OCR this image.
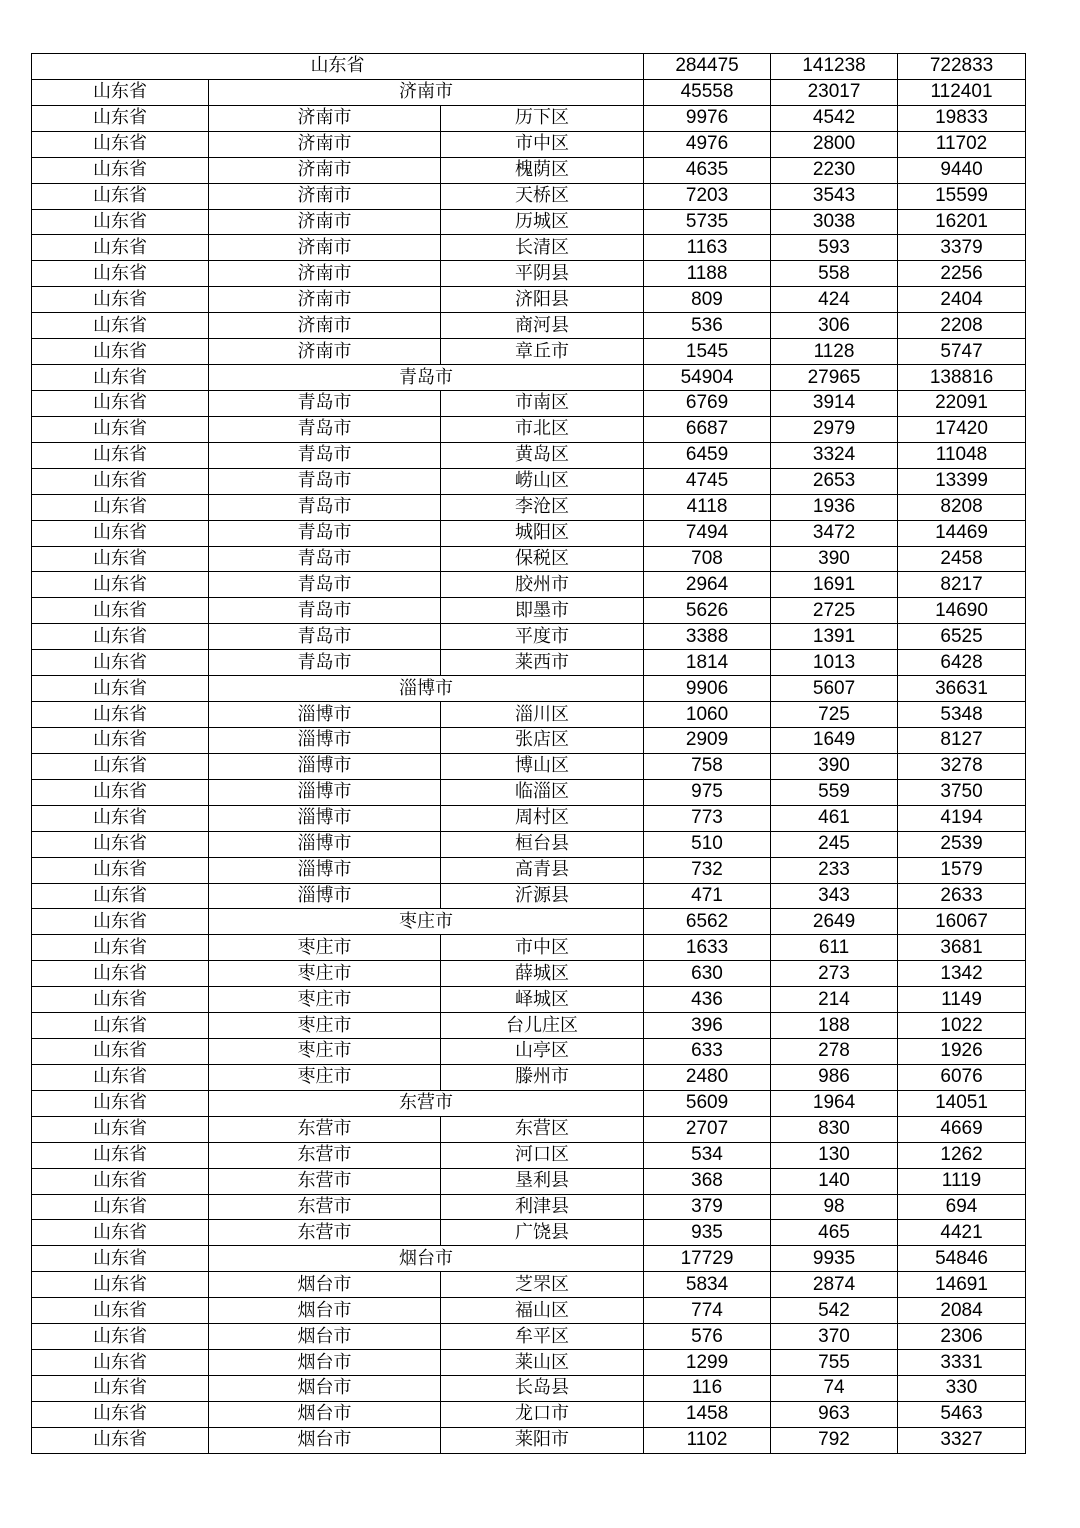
山东省			284475	141238	722833
山东省	济南市		45558	23017	112401
山东省	济南市	历下区	9976	4542	19833
山东省	济南市	市中区	4976	2800	11702
山东省	济南市	槐荫区	4635	2230	9440
山东省	济南市	天桥区	7203	3543	15599
山东省	济南市	历城区	5735	3038	16201
山东省	济南市	长清区	1163	593	3379
山东省	济南市	平阴县	1188	558	2256
山东省	济南市	济阳县	809	424	2404
山东省	济南市	商河县	536	306	2208
山东省	济南市	章丘市	1545	1128	5747
山东省	青岛市		54904	27965	138816
山东省	青岛市	市南区	6769	3914	22091
山东省	青岛市	市北区	6687	2979	17420
山东省	青岛市	黄岛区	6459	3324	11048
山东省	青岛市	崂山区	4745	2653	13399
山东省	青岛市	李沧区	4118	1936	8208
山东省	青岛市	城阳区	7494	3472	14469
山东省	青岛市	保税区	708	390	2458
山东省	青岛市	胶州市	2964	1691	8217
山东省	青岛市	即墨市	5626	2725	14690
山东省	青岛市	平度市	3388	1391	6525
山东省	青岛市	莱西市	1814	1013	6428
山东省	淄博市		9906	5607	36631
山东省	淄博市	淄川区	1060	725	5348
山东省	淄博市	张店区	2909	1649	8127
山东省	淄博市	博山区	758	390	3278
山东省	淄博市	临淄区	975	559	3750
山东省	淄博市	周村区	773	461	4194
山东省	淄博市	桓台县	510	245	2539
山东省	淄博市	高青县	732	233	1579
山东省	淄博市	沂源县	471	343	2633
山东省	枣庄市		6562	2649	16067
山东省	枣庄市	市中区	1633	611	3681
山东省	枣庄市	薛城区	630	273	1342
山东省	枣庄市	峄城区	436	214	1149
山东省	枣庄市	台儿庄区	396	188	1022
山东省	枣庄市	山亭区	633	278	1926
山东省	枣庄市	滕州市	2480	986	6076
山东省	东营市		5609	1964	14051
山东省	东营市	东营区	2707	830	4669
山东省	东营市	河口区	534	130	1262
山东省	东营市	垦利县	368	140	1119
山东省	东营市	利津县	379	98	694
山东省	东营市	广饶县	935	465	4421
山东省	烟台市		17729	9935	54846
山东省	烟台市	芝罘区	5834	2874	14691
山东省	烟台市	福山区	774	542	2084
山东省	烟台市	牟平区	576	370	2306
山东省	烟台市	莱山区	1299	755	3331
山东省	烟台市	长岛县	116	74	330
山东省	烟台市	龙口市	1458	963	5463
山东省	烟台市	莱阳市	1102	792	3327
